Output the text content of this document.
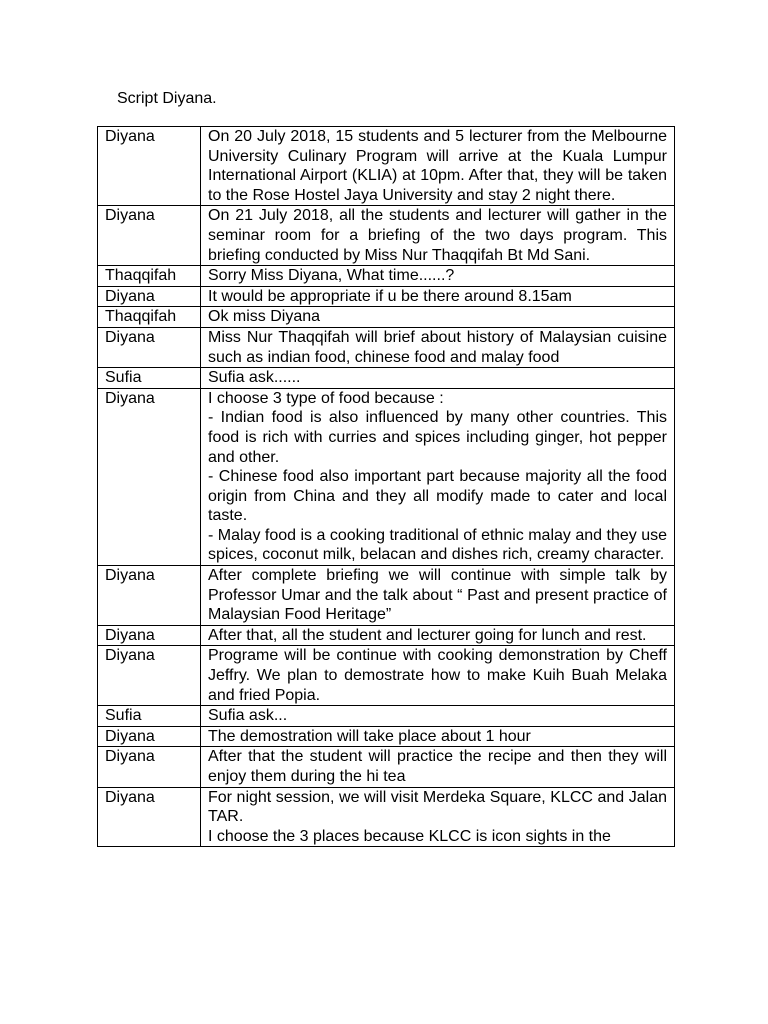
Script Diyana.
Diyana	On 20 July 2018, 15 students and 5 lecturer from the Melbourne University Culinary Program will arrive at the Kuala Lumpur International Airport (KLIA) at 10pm. After that, they will be taken to the Rose Hostel Jaya University and stay 2 night there.

Diyana	On 21 July 2018, all the students and lecturer will gather in the seminar room for a briefing of the two days program. This briefing conducted by Miss Nur Thaqqifah Bt Md Sani.

Thaqqifah	Sorry Miss Diyana, What time......?

Diyana	It would be appropriate if u be there around 8.15am

Thaqqifah	Ok miss Diyana

Diyana	Miss Nur Thaqqifah will brief about history of Malaysian cuisine such as indian food, chinese food and malay food

Sufia	Sufia ask......

Diyana	I choose 3 type of food because :
- Indian food is also influenced by many other countries. This food is rich with curries and spices including ginger, hot pepper and other.
- Chinese food also important part because majority all the food origin from China and they all modify made to cater and local taste.
- Malay food is a cooking traditional of ethnic malay and they use spices, coconut milk, belacan and dishes rich, creamy character.

Diyana	After complete briefing we will continue with simple talk by Professor Umar and the talk about “ Past and present practice of Malaysian Food Heritage”

Diyana	After that, all the student and lecturer going for lunch and rest.

Diyana	Programe will be continue with cooking demonstration by Cheff Jeffry. We plan to demostrate how to make Kuih Buah Melaka and fried Popia.

Sufia	Sufia ask...

Diyana	The demostration will take place about 1 hour

Diyana	After that the student will practice the recipe and then they will enjoy them during the hi tea

Diyana	For night session, we will visit Merdeka Square, KLCC and Jalan TAR.
I choose the 3 places because KLCC is icon sights in the
